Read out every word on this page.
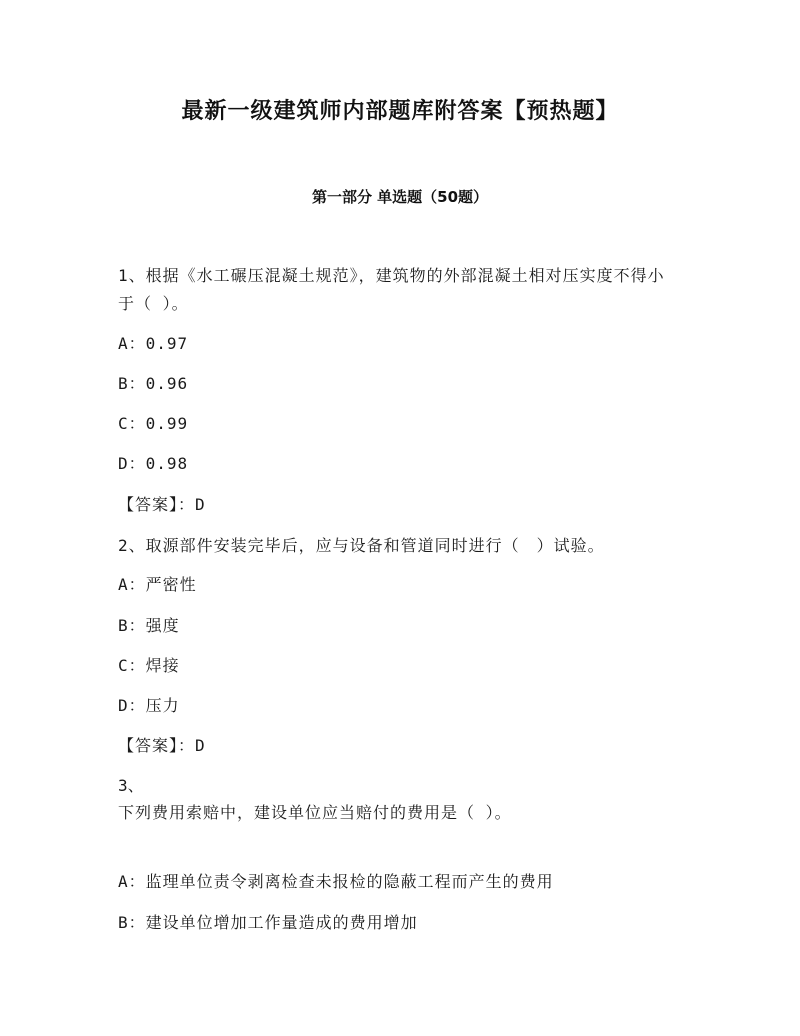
最新一级建筑师内部题库附答案【预热题】
第一部分 单选题（50题）

1、根据《水工碾压混凝土规范》，建筑物的外部混凝土相对压实度不得小于（ ）。

A：0.97

B：0.96

C：0.99

D：0.98

【答案】：D

2、取源部件安装完毕后，应与设备和管道同时进行（　）试验。

A：严密性

B：强度

C：焊接

D：压力

【答案】：D

3、

下列费用索赔中，建设单位应当赔付的费用是（ ）。

A：监理单位责令剥离检查未报检的隐蔽工程而产生的费用

B：建设单位增加工作量造成的费用增加
